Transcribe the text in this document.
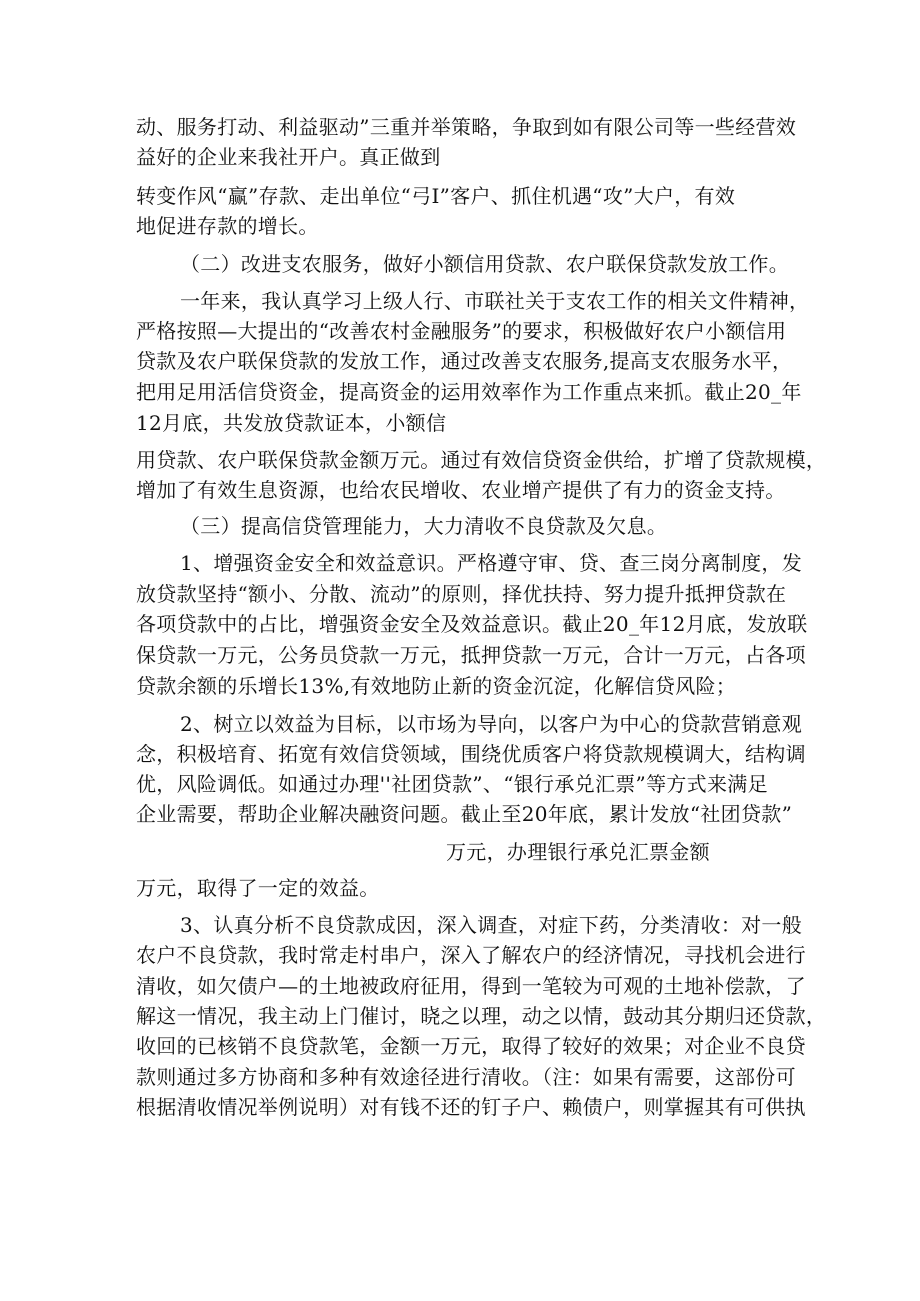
动、服务打动、利益驱动”三重并举策略，争取到如有限公司等一些经营效
益好的企业来我社开户。真正做到
转变作风“赢”存款、走出单位“弓I”客户、抓住机遇“攻”大户，有效
地促进存款的增长。
（二）改进支农服务，做好小额信用贷款、农户联保贷款发放工作。
一年来，我认真学习上级人行、市联社关于支农工作的相关文件精神，
严格按照—大提出的“改善农村金融服务”的要求，积极做好农户小额信用
贷款及农户联保贷款的发放工作，通过改善支农服务,提高支农服务水平，
把用足用活信贷资金，提高资金的运用效率作为工作重点来抓。截止20_年
12月底，共发放贷款证本，小额信
用贷款、农户联保贷款金额万元。通过有效信贷资金供给，扩增了贷款规模，
增加了有效生息资源，也给农民增收、农业增产提供了有力的资金支持。
（三）提高信贷管理能力，大力清收不良贷款及欠息。
1、增强资金安全和效益意识。严格遵守审、贷、查三岗分离制度，发
放贷款坚持“额小、分散、流动”的原则，择优扶持、努力提升抵押贷款在
各项贷款中的占比，增强资金安全及效益意识。截止20_年12月底，发放联
保贷款一万元，公务员贷款一万元，抵押贷款一万元，合计一万元，占各项
贷款余额的乐增长13%,有效地防止新的资金沉淀，化解信贷风险；
2、树立以效益为目标，以市场为导向，以客户为中心的贷款营销意观
念，积极培育、拓宽有效信贷领域，围绕优质客户将贷款规模调大，结构调
优，风险调低。如通过办理''社团贷款”、“银行承兑汇票”等方式来满足
企业需要，帮助企业解决融资问题。截止至20年底，累计发放“社团贷款”
万元，办理银行承兑汇票金额
万元，取得了一定的效益。
3、认真分析不良贷款成因，深入调查，对症下药，分类清收：对一般
农户不良贷款，我时常走村串户，深入了解农户的经济情况，寻找机会进行
清收，如欠债户—的土地被政府征用，得到一笔较为可观的土地补偿款，了
解这一情况，我主动上门催讨，晓之以理，动之以情，鼓动其分期归还贷款，
收回的已核销不良贷款笔，金额一万元，取得了较好的效果；对企业不良贷
款则通过多方协商和多种有效途径进行清收。（注：如果有需要，这部份可
根据清收情况举例说明）对有钱不还的钉子户、赖债户，则掌握其有可供执
